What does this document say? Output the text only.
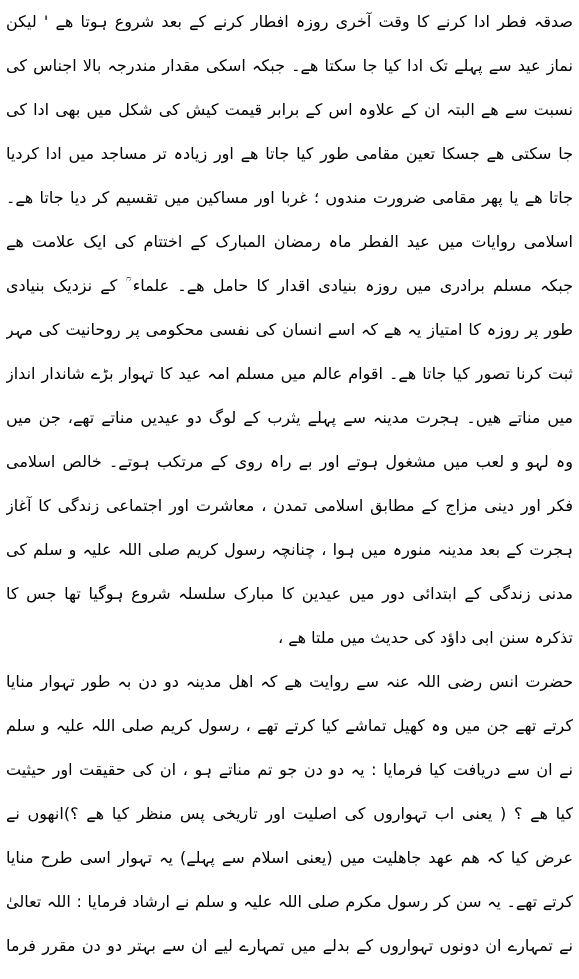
صدقہ فطر ادا کرنے کا وقت آخری روزہ افطار کرنے کے بعد شروع ہوتا ھے ' لیکن
نماز عید سے پہلے تک ادا کیا جا سکتا ھے۔ جبکہ اسکی مقدار مندرجہ بالا اجناس کی
نسبت سے ھے البتہ ان کے علاوہ اس کے برابر قیمت کیش کی شکل میں بھی ادا کی
جا سکتی ھے جسکا تعین مقامی طور کیا جاتا ھے اور زیادہ تر مساجد میں ادا کردیا
جاتا ھے یا پھر مقامی ضرورت مندوں ؛ غربا اور مساکین میں تقسیم کر دیا جاتا ھے۔
اسلامی روایات میں عید الفطر ماہ رمضان المبارک کے اختتام کی ایک علامت ھے
جبکہ مسلم برادری میں روزہ بنیادی اقدار کا حامل ھے۔ علماء ؒ کے نزدیک بنیادی
طور پر روزہ کا امتیاز یہ ھے کہ اسے انسان کی نفسی محکومی پر روحانیت کی مہر
ثبت کرنا تصور کیا جاتا ھے۔ اقوام عالم میں مسلم امہ عید کا تہوار بڑے شاندار انداز
میں مناتے ھیں۔ ہجرت مدینہ سے پہلے یثرب کے لوگ دو عیدیں مناتے تھے، جن میں
وہ لہو و لعب میں مشغول ہوتے اور بے راہ روی کے مرتکب ہوتے۔ خالص اسلامی
فکر اور دینی مزاج کے مطابق اسلامی تمدن ، معاشرت اور اجتماعی زندگی کا آغاز
ہجرت کے بعد مدینہ منورہ میں ہوا ، چنانچہ رسول کریم صلی اللہ علیہ و سلم کی
مدنی زندگی کے ابتدائی دور میں عیدین کا مبارک سلسلہ شروع ہوگیا تھا جس کا
تذکرہ سنن ابی داؤد کی حدیث میں ملتا ھے ،
حضرت انس رضی اللہ عنہ سے روایت ھے کہ اھل مدینہ دو دن بہ طور تہوار منایا
کرتے تھے جن میں وہ کھیل تماشے کیا کرتے تھے ، رسول کریم صلی اللہ علیہ و سلم
نے ان سے دریافت کیا فرمایا : یہ دو دن جو تم مناتے ہو ، ان کی حقیقت اور حیثیت
کیا ھے ؟ ( یعنی اب تہواروں کی اصلیت اور تاریخی پس منظر کیا ھے ؟)انھوں نے
عرض کیا کہ ھم عھد جاھلیت میں (یعنی اسلام سے پہلے) یہ تہوار اسی طرح منایا
کرتے تھے۔ یہ سن کر رسول مکرم صلی اللہ علیہ و سلم نے ارشاد فرمایا : اللہ تعالیٰ
نے تمہارے ان دونوں تہواروں کے بدلے میں تمہارے لیے ان سے بہتر دو دن مقرر فرما
